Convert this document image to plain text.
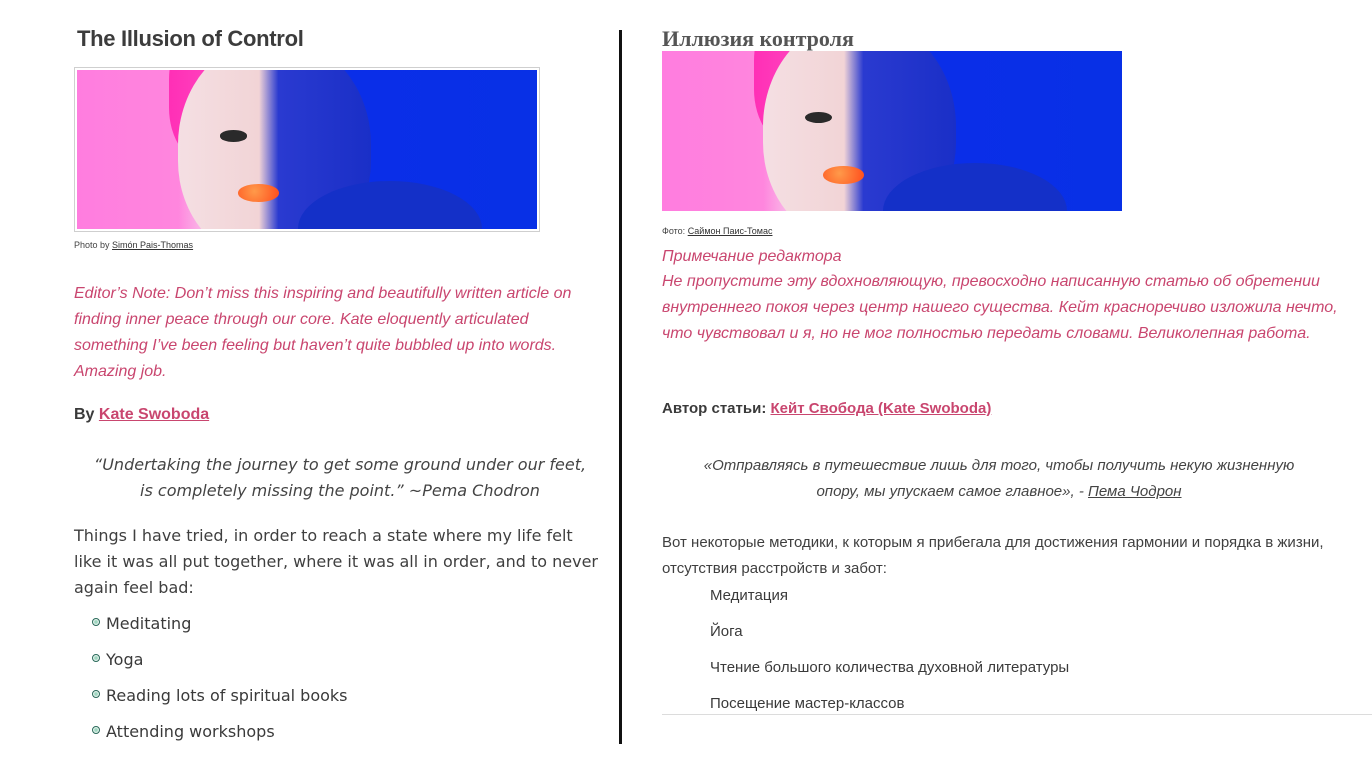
The Illusion of Control
Photo by Simón Pais-Thomas
Editor’s Note: Don’t miss this inspiring and beautifully written article on finding inner peace through our core. Kate eloquently articulated something I’ve been feeling but haven’t quite bubbled up into words. Amazing job.
By Kate Swoboda
“Undertaking the journey to get some ground under our feet,
is completely missing the point.” ~Pema Chodron
Things I have tried, in order to reach a state where my life felt like it was all put together, where it was all in order, and to never again feel bad:
Meditating
Yoga
Reading lots of spiritual books
Attending workshops
Иллюзия контроля
Фото: Саймон Паис-Томас
Примечание редактора
Не пропустите эту вдохновляющую, превосходно написанную статью об обретении внутреннего покоя через центр нашего существа. Кейт красноречиво изложила нечто, что чувствовал и я, но не мог полностью передать словами. Великолепная работа.
Автор статьи: Кейт Свобода (Kate Swoboda)
«Отправляясь в путешествие лишь для того, чтобы получить некую жизненную
опору, мы упускаем самое главное», - Пема Чодрон
Вот некоторые методики, к которым я прибегала для достижения гармонии и порядка в жизни, отсутствия расстройств и забот:
Медитация
Йога
Чтение большого количества духовной литературы
Посещение мастер-классов
